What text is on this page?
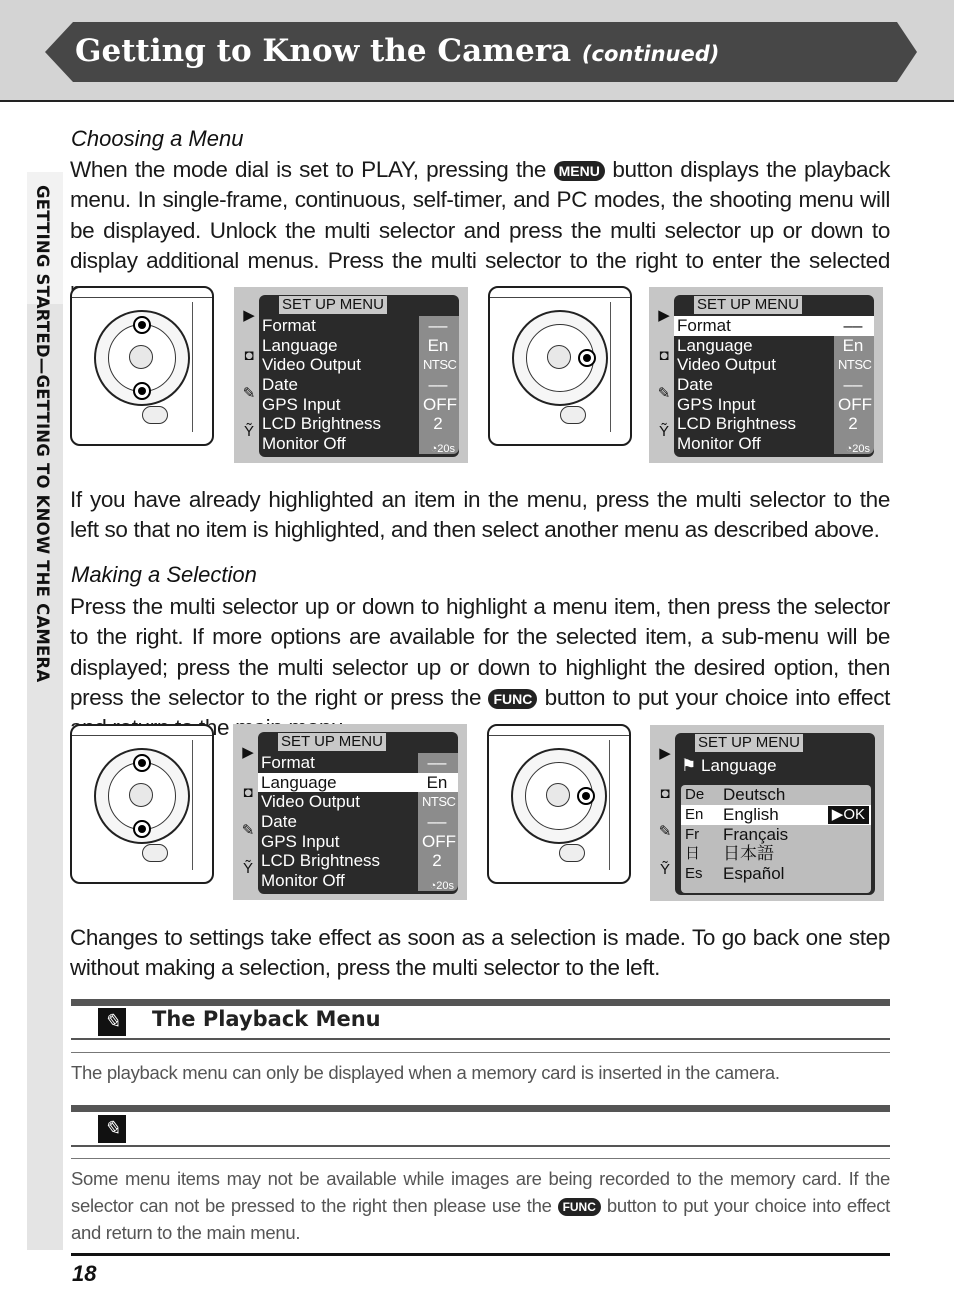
Getting to Know the Camera (continued)
GETTING STARTED—GETTING TO KNOW THE CAMERA
Choosing a Menu
When the mode dial is set to PLAY, pressing the MENU button displays the playback menu. In single-frame, continuous, self-timer, and PC modes, the shooting menu will be displayed. Unlock the multi selector and press the multi selector up or down to display additional menus. Press the multi selector to the right to enter the selected
▶
◘
✎
Ỹ
SET UP MENU
Format	––
Language	En
Video Output	NTSC
Date	––
GPS Input	OFF
LCD Brightness	2
Monitor Off	◔20s
▶
◘
✎
Ỹ
SET UP MENU
Format	––
Language	En
Video Output	NTSC
Date	––
GPS Input	OFF
LCD Brightness	2
Monitor Off	◔20s
If you have already highlighted an item in the menu, press the multi selector to the left so that no item is highlighted, and then select another menu as described above.
Making a Selection
Press the multi selector up or down to highlight a menu item, then press the selector to the right. If more options are available for the selected item, a sub-menu will be displayed; press the multi selector up or down to highlight the desired option, then press the selector to the right or press the FUNC button to put your choice into effect the
▶
◘
✎
Ỹ
SET UP MENU
Format	––
Language	En
Video Output	NTSC
Date	––
GPS Input	OFF
LCD Brightness	2
Monitor Off	◔20s
▶
◘
✎
Ỹ
SET UP MENU
⚑ Language
De Deutsch
En English	▶OK
Fr Français
日 日本語
Es Español
Changes to settings take effect as soon as a selection is made. To go back one step without making a selection, press the multi selector to the left.
✎ The Playback Menu
The playback menu can only be displayed when a memory card is inserted in the camera.
✎
Some menu items may not be available while images are being recorded to the memory card. If the selector can not be pressed to the right then please use the FUNC button to put your choice into effect and return to the main menu.
18
